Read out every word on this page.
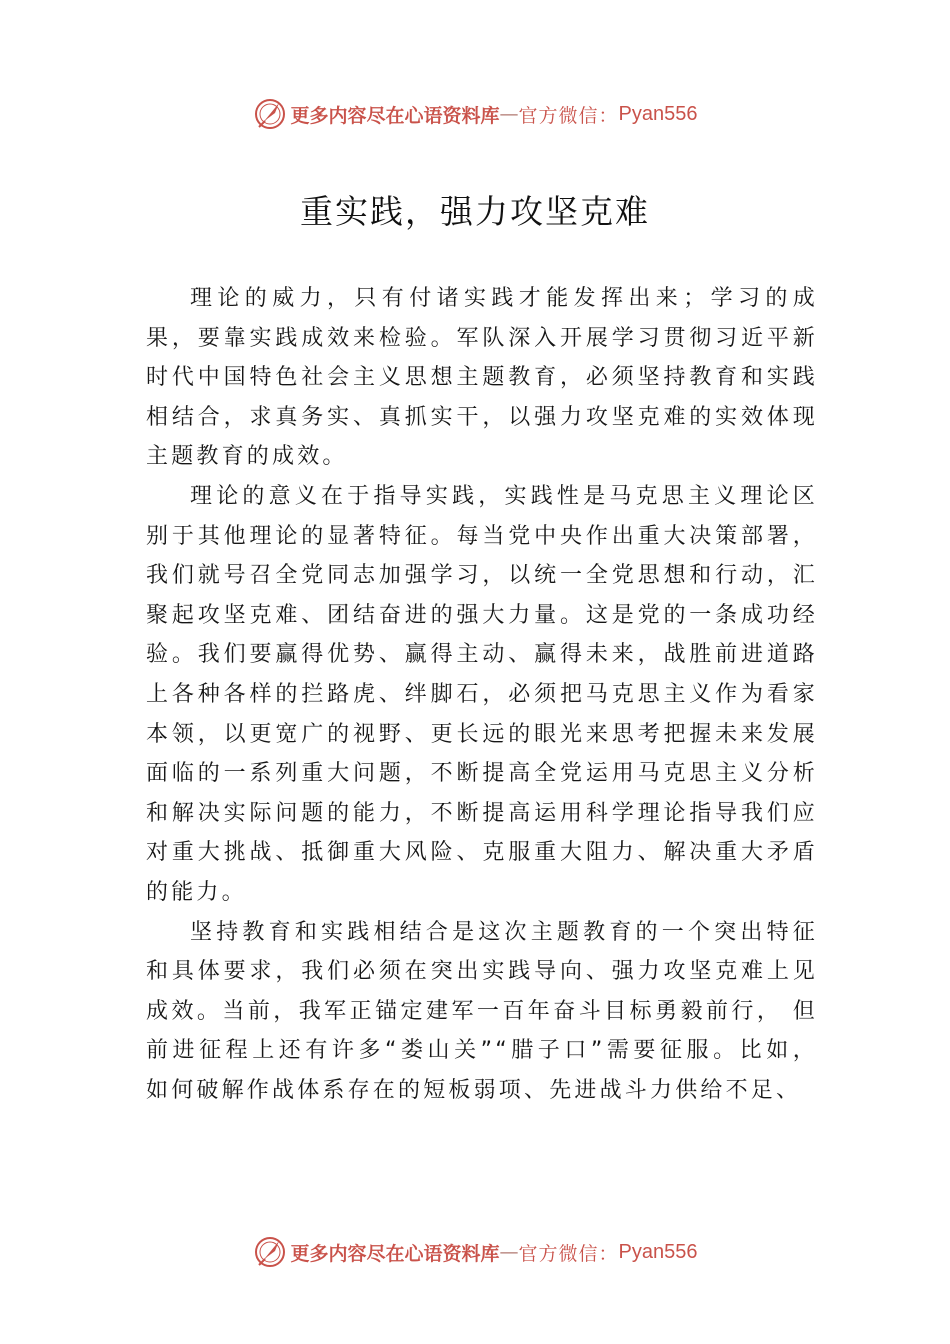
更多内容尽在心语资料库 — 官方微信： Pyan556
重实践，强力攻坚克难

理论的威力，只有付诸实践才能发挥出来；学习的成果，要靠实践成效来检验。军队深入开展学习贯彻习近平新时代中国特色社会主义思想主题教育，必须坚持教育和实践相结合，求真务实、真抓实干，以强力攻坚克难的实效体现主题教育的成效。

理论的意义在于指导实践，实践性是马克思主义理论区别于其他理论的显著特征。每当党中央作出重大决策部署， 我们就号召全党同志加强学习，以统一全党思想和行动，汇聚起攻坚克难、团结奋进的强大力量。这是党的一条成功经验。我们要赢得优势、赢得主动、赢得未来，战胜前进道路上各种各样的拦路虎、绊脚石，必须把马克思主义作为看家本领，以更宽广的视野、更长远的眼光来思考把握未来发展面临的一系列重大问题，不断提高全党运用马克思主义分析和解决实际问题的能力，不断提高运用科学理论指导我们应对重大挑战、抵御重大风险、克服重大阻力、解决重大矛盾的能力。

坚持教育和实践相结合是这次主题教育的一个突出特征和具体要求，我们必须在突出实践导向、强力攻坚克难上见成效。当前，我军正锚定建军一百年奋斗目标勇毅前行， 但前进征程上还有许多“娄山关”“腊子口”需要征服。比如， 如何破解作战体系存在的短板弱项、先进战斗力供给不足、

更多内容尽在心语资料库 — 官方微信： Pyan556
